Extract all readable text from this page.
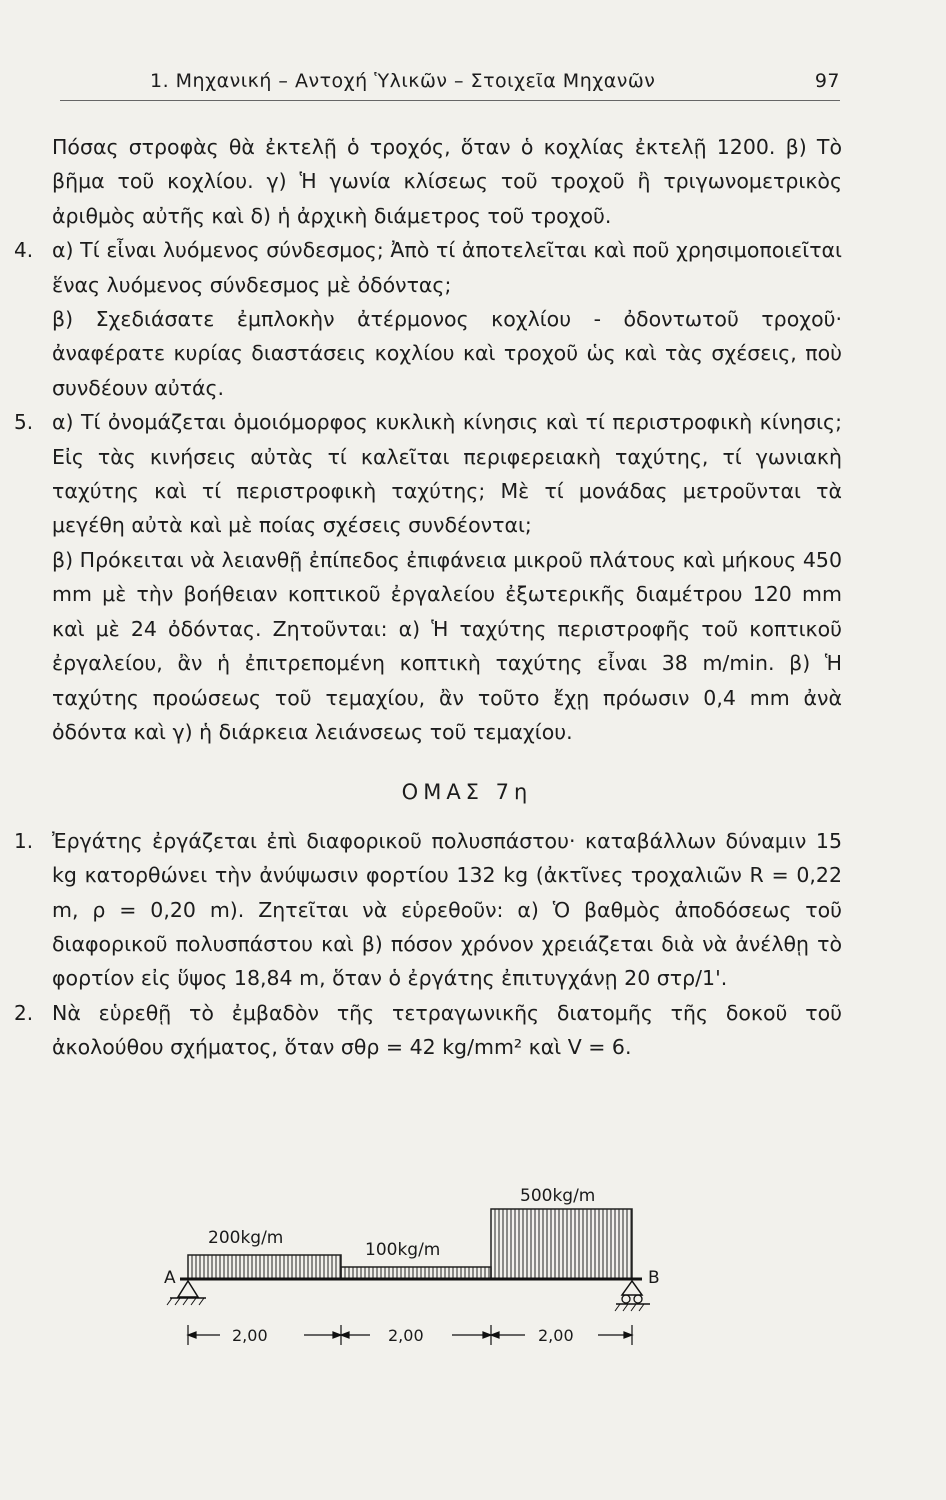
1. Μηχανική – Αντοχή Ὑλικῶν – Στοιχεῖα Μηχανῶν	97

Πόσας στροφὰς θὰ ἐκτελῇ ὁ τροχός, ὅταν ὁ κοχλίας ἐκτελῇ 1200. β) Τὸ βῆμα τοῦ κοχλίου. γ) Ἡ γωνία κλίσεως τοῦ τροχοῦ ἢ τριγωνομετρικὸς ἀριθμὸς αὐτῆς καὶ δ) ἡ ἀρχικὴ διάμετρος τοῦ τροχοῦ.

4. α) Τί εἶναι λυόμενος σύνδεσμος; Ἀπὸ τί ἀποτελεῖται καὶ ποῦ χρησιμοποιεῖται ἕνας λυόμενος σύνδεσμος μὲ ὀδόντας;

β) Σχεδιάσατε ἐμπλοκὴν ἀτέρμονος κοχλίου - ὀδοντωτοῦ τροχοῦ· ἀναφέρατε κυρίας διαστάσεις κοχλίου καὶ τροχοῦ ὡς καὶ τὰς σχέσεις, ποὺ συνδέουν αὐτάς.

5. α) Τί ὀνομάζεται ὁμοιόμορφος κυκλικὴ κίνησις καὶ τί περιστροφικὴ κίνησις; Εἰς τὰς κινήσεις αὐτὰς τί καλεῖται περιφερειακὴ ταχύτης, τί γωνιακὴ ταχύτης καὶ τί περιστροφικὴ ταχύτης; Μὲ τί μονάδας μετροῦνται τὰ μεγέθη αὐτὰ καὶ μὲ ποίας σχέσεις συνδέονται;

β) Πρόκειται νὰ λειανθῇ ἐπίπεδος ἐπιφάνεια μικροῦ πλάτους καὶ μήκους 450 mm μὲ τὴν βοήθειαν κοπτικοῦ ἐργαλείου ἐξωτερικῆς διαμέτρου 120 mm καὶ μὲ 24 ὀδόντας. Ζητοῦνται: α) Ἡ ταχύτης περιστροφῆς τοῦ κοπτικοῦ ἐργαλείου, ἂν ἡ ἐπιτρεπομένη κοπτικὴ ταχύτης εἶναι 38 m/min. β) Ἡ ταχύτης προώσεως τοῦ τεμαχίου, ἂν τοῦτο ἔχῃ πρόωσιν 0,4 mm ἀνὰ ὀδόντα καὶ γ) ἡ διάρκεια λειάνσεως τοῦ τεμαχίου.

ΟΜΑΣ 7η
1. Ἐργάτης ἐργάζεται ἐπὶ διαφορικοῦ πολυσπάστου· καταβάλλων δύναμιν 15 kg κατορθώνει τὴν ἀνύψωσιν φορτίου 132 kg (ἀκτῖνες τροχαλιῶν R = 0,22 m, ρ = 0,20 m). Ζητεῖται νὰ εὑρεθοῦν: α) Ὁ βαθμὸς ἀποδόσεως τοῦ διαφορικοῦ πολυσπάστου καὶ β) πόσον χρόνον χρειάζεται διὰ νὰ ἀνέλθῃ τὸ φορτίον εἰς ὕψος 18,84 m, ὅταν ὁ ἐργάτης ἐπιτυγχάνῃ 20 στρ/1'.

2. Νὰ εὑρεθῇ τὸ ἐμβαδὸν τῆς τετραγωνικῆς διατομῆς τῆς δοκοῦ τοῦ ἀκολούθου σχήματος, ὅταν σθρ = 42 kg/mm² καὶ V = 6.

200kg/m
100kg/m
500kg/m
A	B
2,00	2,00	2,00
